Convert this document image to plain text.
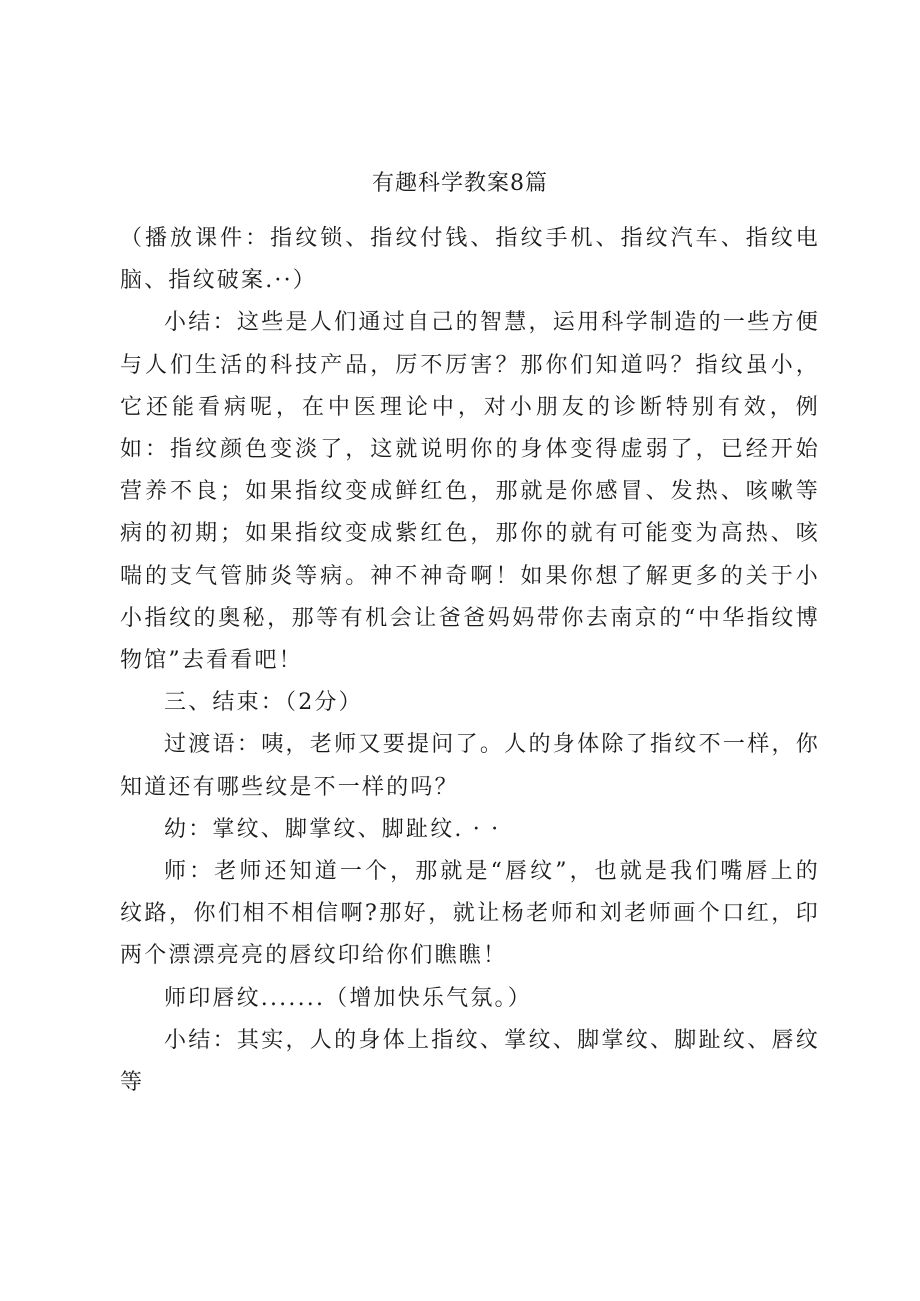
有趣科学教案8篇

（播放课件：指纹锁、指纹付钱、指纹手机、指纹汽车、指纹电脑、指纹破案.··）

小结：这些是人们通过自己的智慧，运用科学制造的一些方便与人们生活的科技产品，厉不厉害？那你们知道吗？指纹虽小，它还能看病呢，在中医理论中，对小朋友的诊断特别有效，例如：指纹颜色变淡了，这就说明你的身体变得虚弱了，已经开始营养不良；如果指纹变成鲜红色，那就是你感冒、发热、咳嗽等病的初期；如果指纹变成紫红色，那你的就有可能变为高热、咳喘的支气管肺炎等病。神不神奇啊！如果你想了解更多的关于小小指纹的奥秘，那等有机会让爸爸妈妈带你去南京的“中华指纹博物馆”去看看吧！

三、结束：（2分）

过渡语：咦，老师又要提问了。人的身体除了指纹不一样，你知道还有哪些纹是不一样的吗？

幼：掌纹、脚掌纹、脚趾纹. · ·

师：老师还知道一个，那就是“唇纹”，也就是我们嘴唇上的纹路，你们相不相信啊?那好，就让杨老师和刘老师画个口红，印两个漂漂亮亮的唇纹印给你们瞧瞧！

师印唇纹.......（增加快乐气氛。）

小结：其实，人的身体上指纹、掌纹、脚掌纹、脚趾纹、唇纹等
